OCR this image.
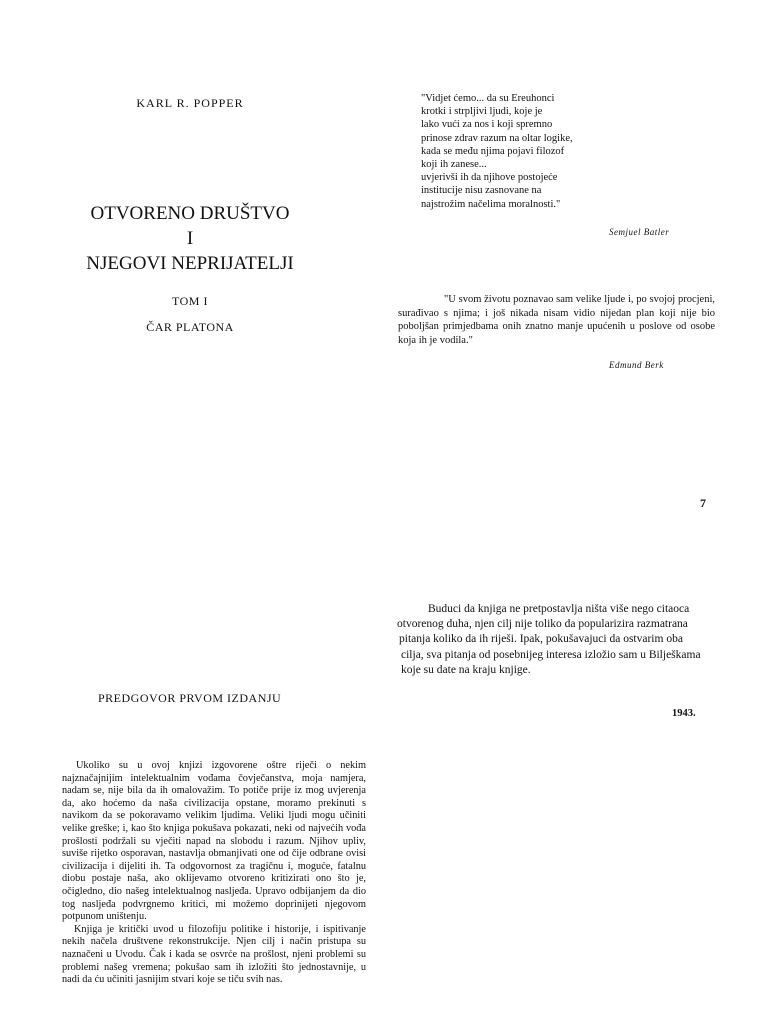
KARL R. POPPER
OTVORENO DRUŠTVO
I
NJEGOVI NEPRIJATELJI
TOM I
ČAR PLATONA
PREDGOVOR PRVOM IZDANJU

Ukoliko su u ovoj knjizi izgovorene oštre riječi o nekim najznačajnijim intelektualnim vođama čovječanstva, moja namjera, nadam se, nije bila da ih omalovažim. To potiče prije iz mog uvjerenja da, ako hoćemo da naša civilizacija opstane, moramo prekinuti s navikom da se pokoravamo velikim ljudima. Veliki ljudi mogu učiniti velike greške; i, kao što knjiga pokušava pokazati, neki od najvećih vođa prošlosti podržali su vječiti napad na slobodu i razum. Njihov upliv, suviše rijetko osporavan, nastavlja obmanjivati one od čije odbrane ovisi civilizacija i dijeliti ih. Ta odgovornost za tragičnu i, moguće, fatalnu diobu postaje naša, ako oklijevamo otvoreno kritizirati ono što je, očigledno, dio našeg intelektualnog nasljeđa. Upravo odbijanjem da dio tog nasljeđa podvrgnemo kritici, mi možemo doprinijeti njegovom potpunom uništenju.

Knjiga je kritički uvod u filozofiju politike i historije, i ispitivanje nekih načela društvene rekonstrukcije. Njen cilj i način pristupa su naznačeni u Uvodu. Čak i kada se osvrće na prošlost, njeni problemi su problemi našeg vremena; pokušao sam ih izložiti što jednostavnije, u nadi da ću učiniti jasnijim stvari koje se tiču svih nas.

"Vidjet ćemo... da su Ereuhonci
krotki i strpljivi ljudi, koje je
lako vući za nos i koji spremno
prinose zdrav razum na oltar logike,
kada se među njima pojavi filozof
koji ih zanese...
uvjerivši ih da njihove postojeće
institucije nisu zasnovane na
najstrožim načelima moralnosti."
Semjuel Batler
"U svom životu poznavao sam velike ljude i, po svojoj procjeni, surađivao s njima; i još nikada nisam vidio nijedan plan koji nije bio poboljšan primjedbama onih znatno manje upućenih u poslove od osobe koja ih je vodila."
Edmund Berk
7
Buduci da knjiga ne pretpostavlja ništa više nego citaoca
otvorenog duha, njen cilj nije toliko da popularizira razmatrana
pitanja koliko da ih riješi. Ipak, pokušavajuci da ostvarim oba
cilja, sva pitanja od posebnijeg interesa izložio sam u Bilješkama
koje su date na kraju knjige.
1943.
